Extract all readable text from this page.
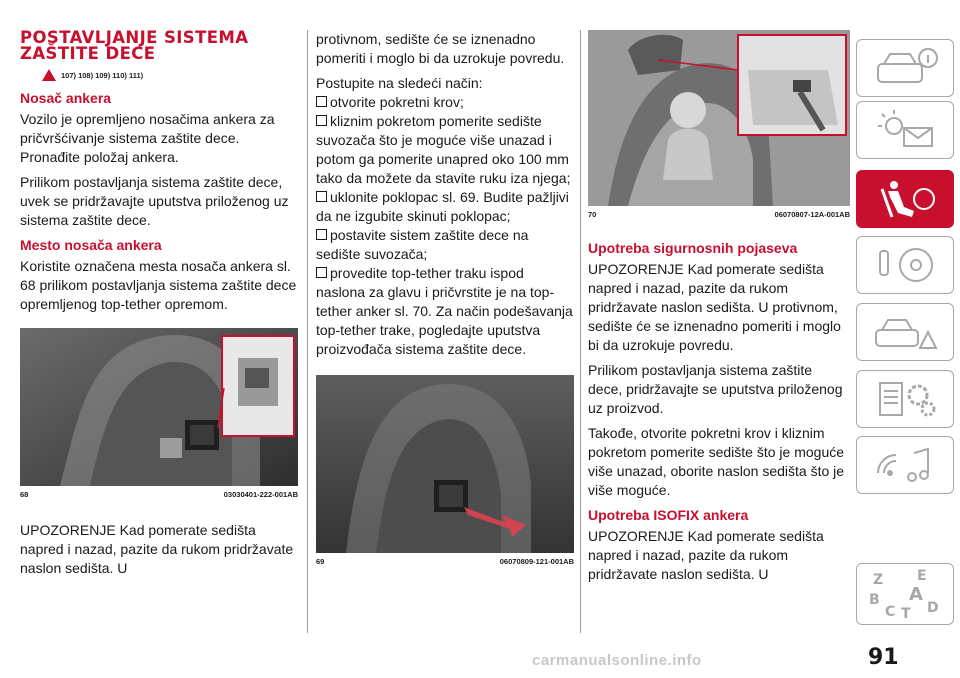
POSTAVLJANJE SISTEMA
ZAŠTITE DECE
107) 108) 109) 110) 111)
Nosač ankera

Vozilo je opremljeno nosačima ankera za pričvršćivanje sistema zaštite dece. Pronađite položaj ankera.

Prilikom postavljanja sistema zaštite dece, uvek se pridržavajte uputstva priloženog uz sistema zaštite dece.

Mesto nosača ankera

Koristite označena mesta nosača ankera sl. 68 prilikom postavljanja sistema zaštite dece opremljenog top-tether opremom.

68	03030401-222-001AB

UPOZORENJE Kad pomerate sedišta napred i nazad, pazite da rukom pridržavate naslon sedišta. U

protivnom, sedište će se iznenadno pomeriti i moglo bi da uzrokuje povredu.

Postupite na sledeći način:

otvorite pokretni krov;

kliznim pokretom pomerite sedište suvozača što je moguće više unazad i potom ga pomerite unapred oko 100 mm tako da možete da stavite ruku iza njega;

uklonite poklopac sl. 69. Budite pažljivi da ne izgubite skinuti poklopac;

postavite sistem zaštite dece na sedište suvozača;

provedite top-tether traku ispod naslona za glavu i pričvrstite je na top-tether anker sl. 70. Za način podešavanja top-tether trake, pogledajte uputstva proizvođača sistema zaštite dece.

69	06070809-121-001AB
70	06070807-12A-001AB
Upotreba sigurnosnih pojaseva

UPOZORENJE Kad pomerate sedišta napred i nazad, pazite da rukom pridržavate naslon sedišta. U protivnom, sedište će se iznenadno pomeriti i moglo bi da uzrokuje povredu.

Prilikom postavljanja sistema zaštite dece, pridržavajte se uputstva priloženog uz proizvod.

Takođe, otvorite pokretni krov i kliznim pokretom pomerite sedište što je moguće više unazad, oborite naslon sedišta što je više moguće.

Upotreba ISOFIX ankera

UPOZORENJE Kad pomerate sedišta napred i nazad, pazite da rukom pridržavate naslon sedišta. U	Z E
B A
C T D
carmanualsonline.info	91
